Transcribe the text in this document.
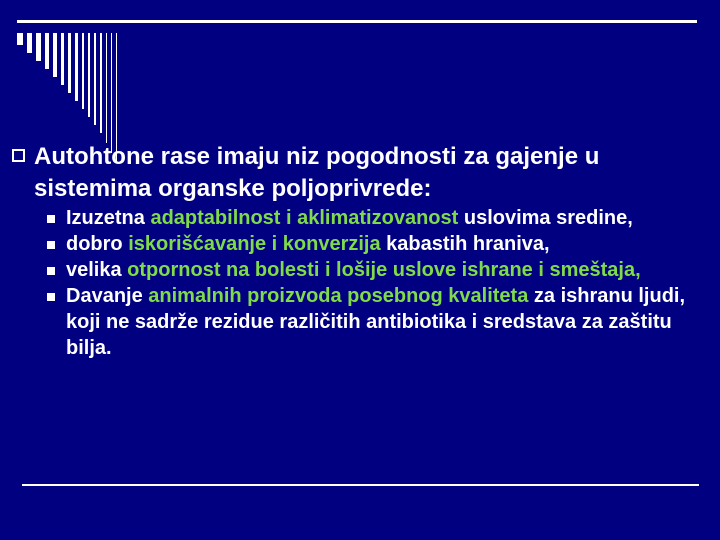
Autohtone rase imaju niz pogodnosti za gajenje u sistemima organske poljoprivrede:
Izuzetna adaptabilnost i aklimatizovanost uslovima sredine,
dobro iskorišćavanje i konverzija kabastih hraniva,
velika otpornost na bolesti i lošije uslove ishrane i smeštaja,
Davanje animalnih proizvoda posebnog kvaliteta za ishranu ljudi, koji ne sadrže rezidue različitih antibiotika i sredstava za zaštitu bilja.
